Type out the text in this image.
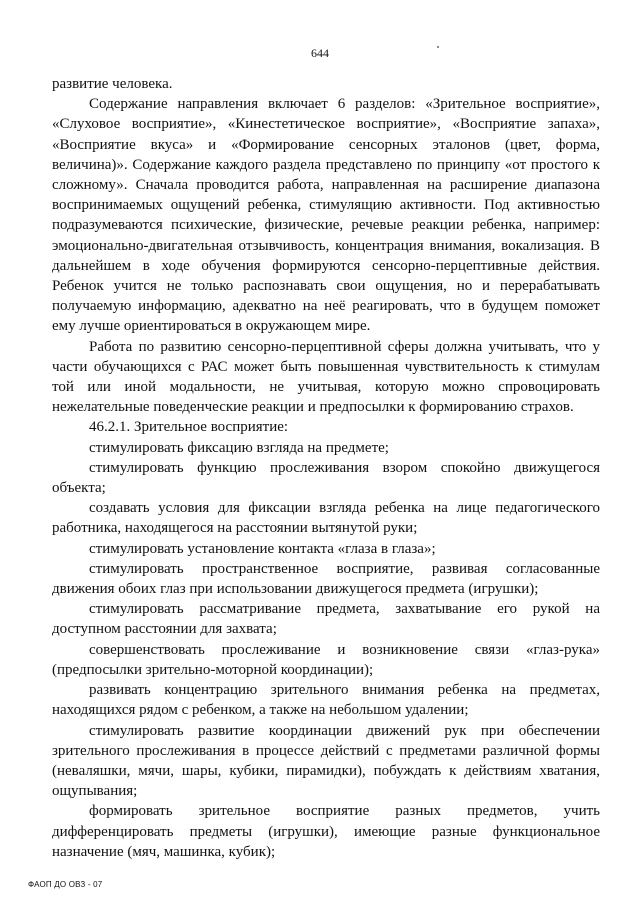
644

развитие человека.

Содержание направления включает 6 разделов: «Зрительное восприятие», «Слуховое восприятие», «Кинестетическое восприятие», «Восприятие запаха», «Восприятие вкуса» и «Формирование сенсорных эталонов (цвет, форма, величина)». Содержание каждого раздела представлено по принципу «от простого к сложному». Сначала проводится работа, направленная на расширение диапазона воспринимаемых ощущений ребенка, стимулящию активности. Под активностью подразумеваются психические, физические, речевые реакции ребенка, например: эмоционально-двигательная отзывчивость, концентрация внимания, вокализация. В дальнейшем в ходе обучения формируются сенсорно-перцептивные действия. Ребенок учится не только распознавать свои ощущения, но и перерабатывать получаемую информацию, адекватно на неё реагировать, что в будущем поможет ему лучше ориентироваться в окружающем мире.

Работа по развитию сенсорно-перцептивной сферы должна учитывать, что у части обучающихся с РАС может быть повышенная чувствительность к стимулам той или иной модальности, не учитывая, которую можно спровоцировать нежелательные поведенческие реакции и предпосылки к формированию страхов.

46.2.1. Зрительное восприятие:

стимулировать фиксацию взгляда на предмете;

стимулировать функцию прослеживания взором спокойно движущегося объекта;

создавать условия для фиксации взгляда ребенка на лице педагогического работника, находящегося на расстоянии вытянутой руки;

стимулировать установление контакта «глаза в глаза»;

стимулировать пространственное восприятие, развивая согласованные движения обоих глаз при использовании движущегося предмета (игрушки);

стимулировать рассматривание предмета, захватывание его рукой на доступном расстоянии для захвата;

совершенствовать прослеживание и возникновение связи «глаз-рука» (предпосылки зрительно-моторной координации);

развивать концентрацию зрительного внимания ребенка на предметах, находящихся рядом с ребенком, а также на небольшом удалении;

стимулировать развитие координации движений рук при обеспечении зрительного прослеживания в процессе действий с предметами различной формы (неваляшки, мячи, шары, кубики, пирамидки), побуждать к действиям хватания, ощупывания;

формировать зрительное восприятие разных предметов, учить дифференцировать предметы (игрушки), имеющие разные функциональное назначение (мяч, машинка, кубик);

ФАОП ДО ОВЗ - 07
